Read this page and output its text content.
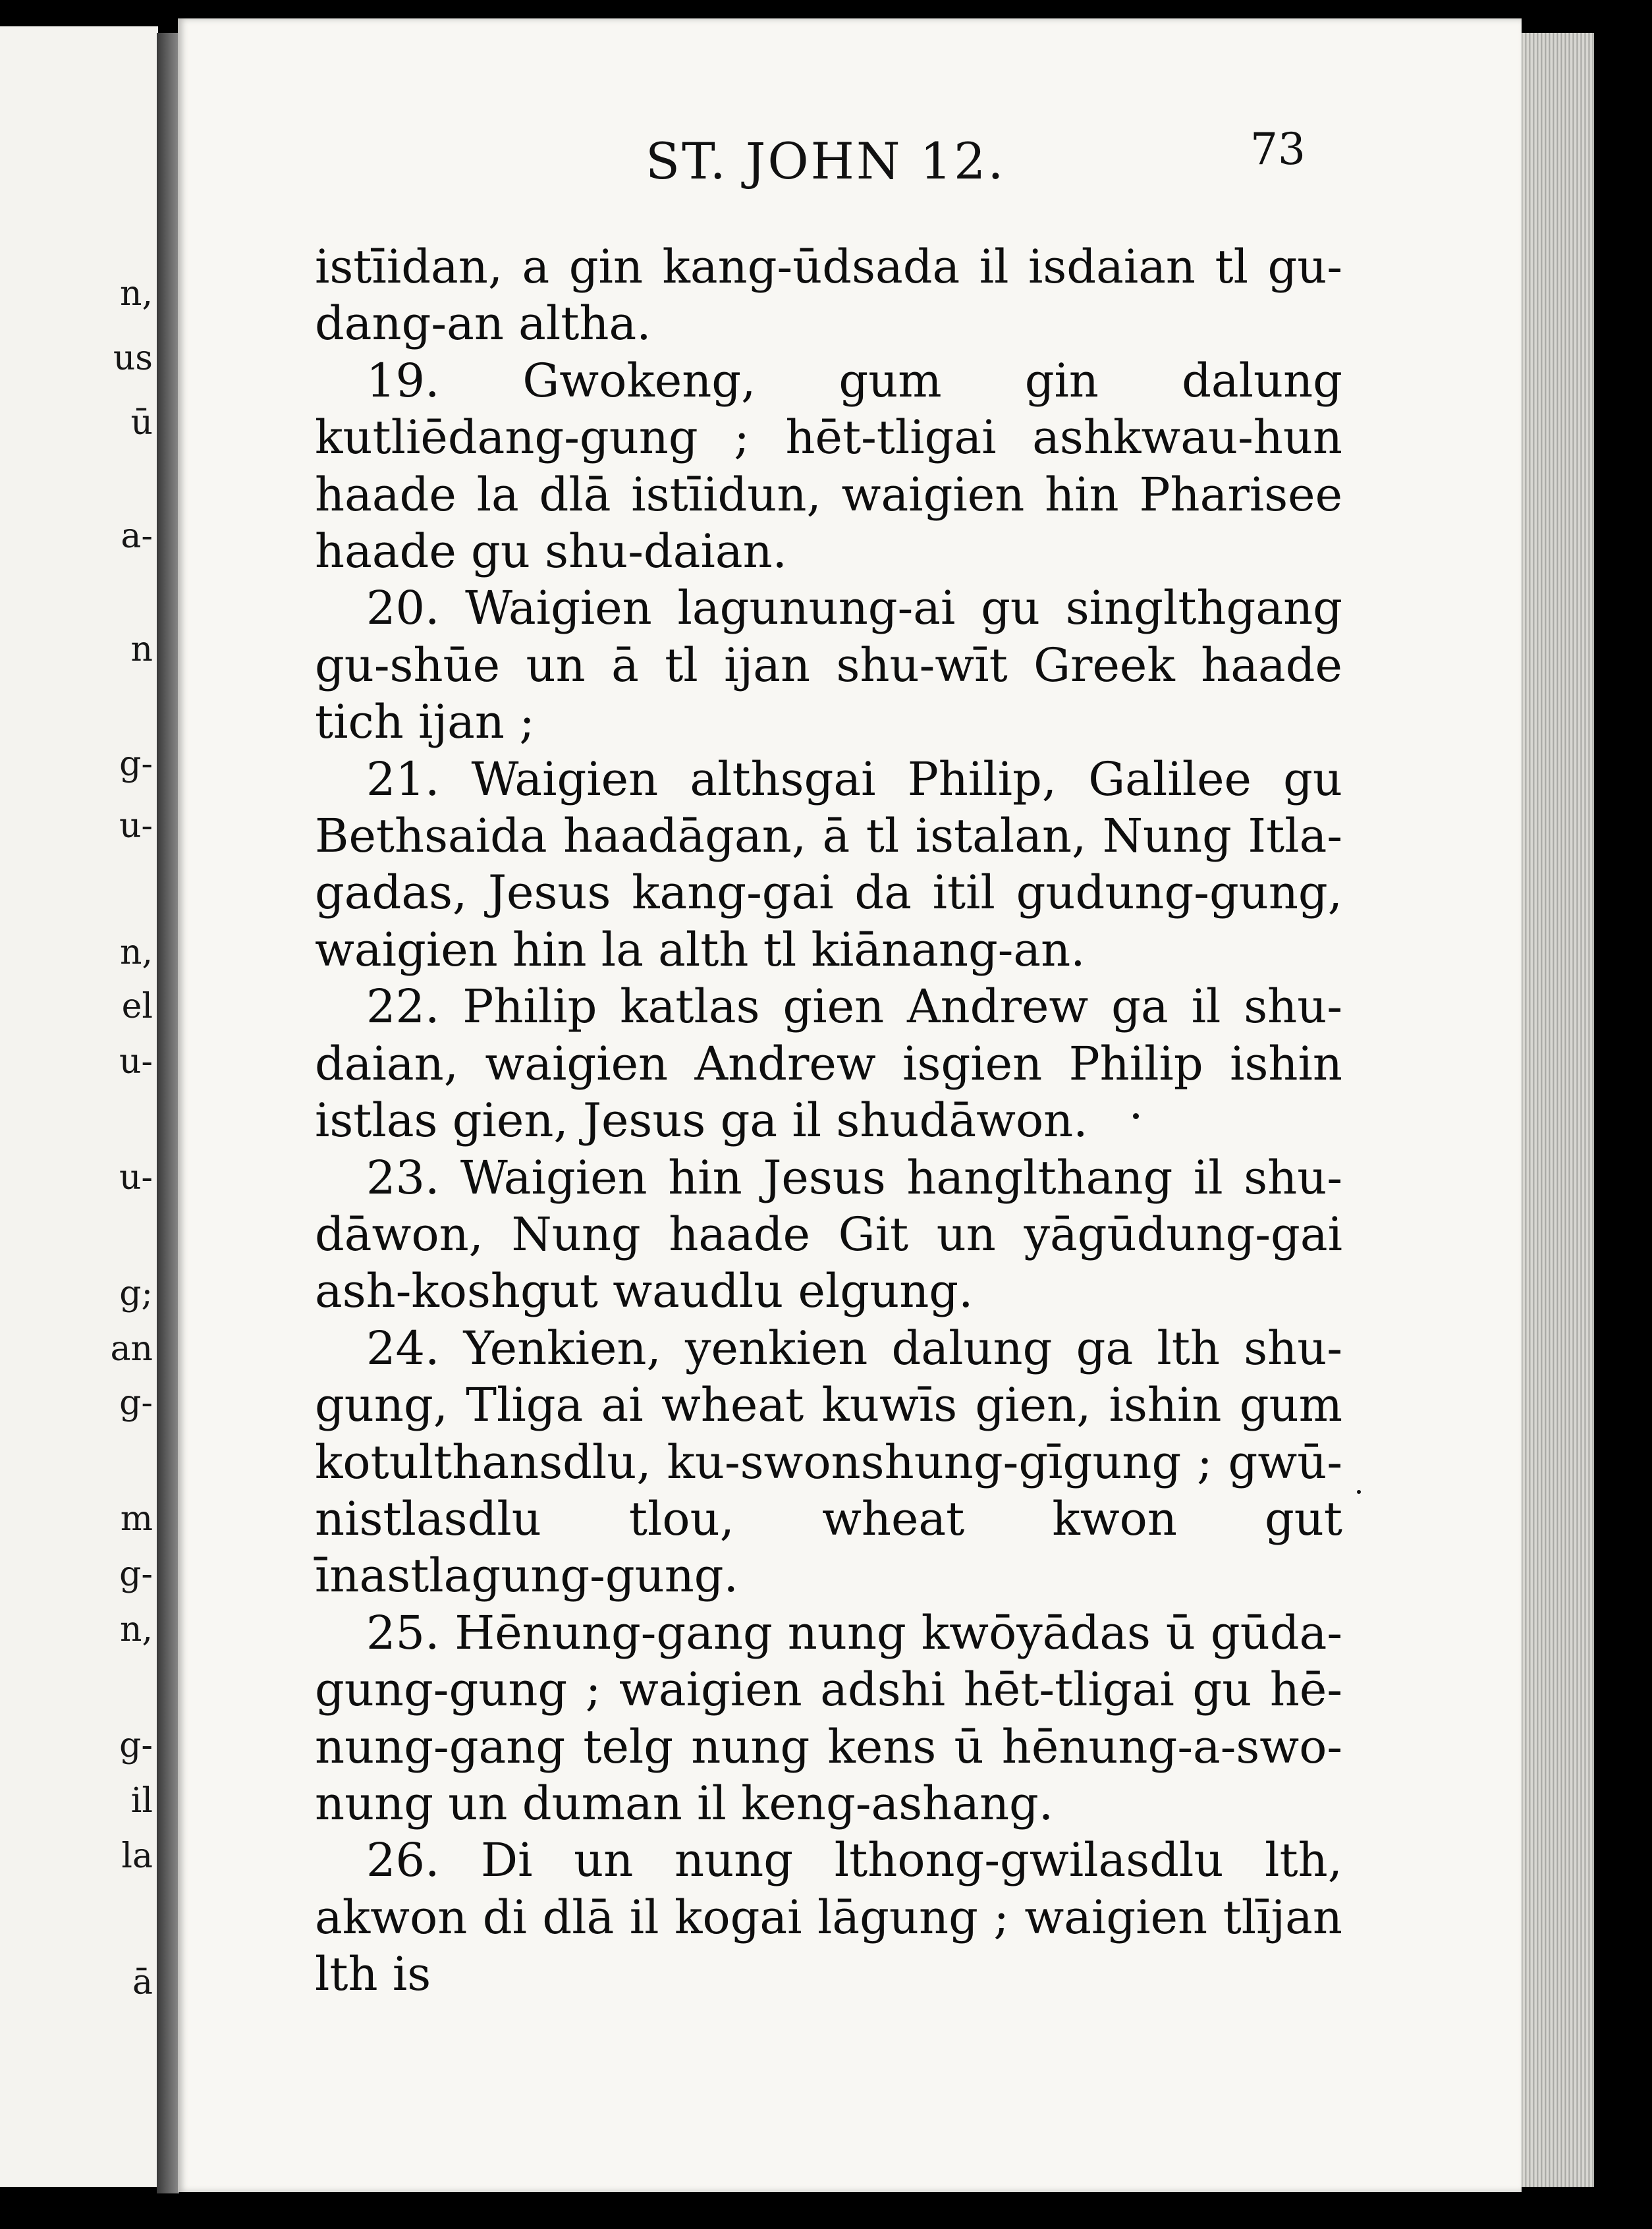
n,
us
ū
a-
n
g-
u-
n,
el
u-
u-
g;
an
g-
m
g-
n,
g-
il
la
ā
ST. JOHN 12.	73

istīidan, a gin kang-ūdsada il isdaian tl gu-dang-an altha.

19. Gwokeng, gum gin dalung kutliēdang-gung ; hēt-tligai ashkwau-hun haade la dlā istīidun, waigien hin Pharisee haade gu shu-daian.

20. Waigien lagunung-ai gu singlthgang gu-shūe un ā tl ijan shu-wīt Greek haade tich ijan ;

21. Waigien althsgai Philip, Galilee gu Bethsaida haadāgan, ā tl istalan, Nung Itla-gadas, Jesus kang-gai da itil gudung-gung, waigien hin la alth tl kiānang-an.

22. Philip katlas gien Andrew ga il shu-daian, waigien Andrew isgien Philip ishin istlas gien, Jesus ga il shudāwon.

23. Waigien hin Jesus hanglthang il shu-dāwon, Nung haade Git un yāgūdung-gai ash-koshgut waudlu elgung.

24. Yenkien, yenkien dalung ga lth shu-gung, Tliga ai wheat kuwīs gien, ishin gum kotulthansdlu, ku-swonshung-gīgung ; gwū-nistlasdlu tlou, wheat kwon gut īnastlagung-gung.

25. Hēnung-gang nung kwōyādas ū gūda-gung-gung ; waigien adshi hēt-tligai gu hē-nung-gang telg nung kens ū hēnung-a-swo-nung un duman il keng-ashang.

26. Di un nung lthong-gwilasdlu lth, akwon di dlā il kogai lāgung ; waigien tlījan lth is
